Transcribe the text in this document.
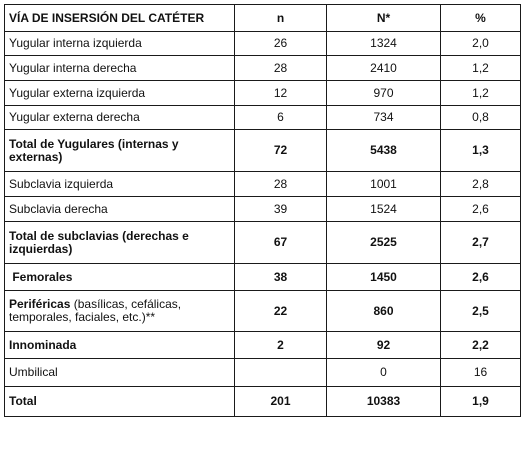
VÍA DE INSERSIÓN DEL CATÉTER	n	N*	%
Yugular interna izquierda	26	1324	2,0
Yugular interna derecha	28	2410	1,2
Yugular externa izquierda	12	970	1,2
Yugular externa derecha	6	734	0,8
Total de Yugulares (internas y externas)	72	5438	1,3
Subclavia izquierda	28	1001	2,8
Subclavia derecha	39	1524	2,6
Total de subclavias (derechas e izquierdas)	67	2525	2,7
Femorales	38	1450	2,6
Periféricas (basílicas, cefálicas, temporales, faciales, etc.)**	22	860	2,5
Innominada	2	92	2,2
Umbilical		0	16
Total	201	10383	1,9
